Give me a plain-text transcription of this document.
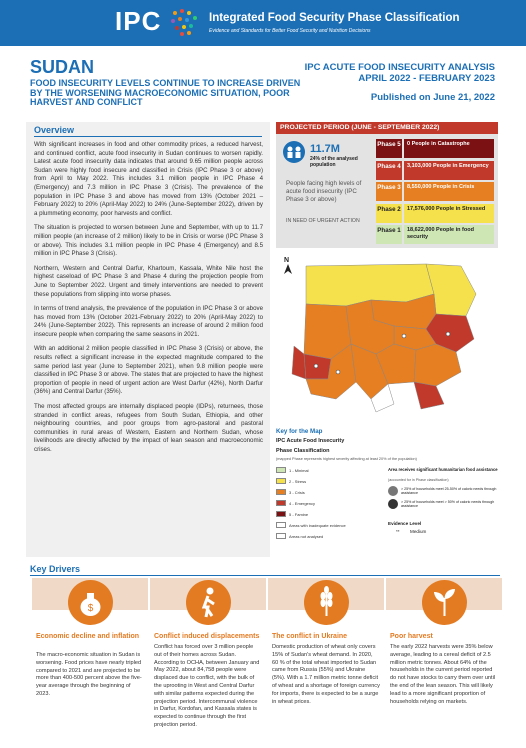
IPC	Integrated Food Security Phase Classification
Evidence and Standards for Better Food Security and Nutrition Decisions
SUDAN
FOOD INSECURITY LEVELS CONTINUE TO INCREASE DRIVEN BY THE WORSENING MACROECONOMIC SITUATION, POOR HARVEST AND CONFLICT
IPC ACUTE FOOD INSECURITY ANALYSIS
APRIL 2022 - FEBRUARY 2023
Published on June 21, 2022
Overview

With significant increases in food and other commodity prices, a reduced harvest, and continued conflict, acute food insecurity in Sudan continues to worsen rapidly. Latest acute food insecurity data indicates that around 9.65 million people across Sudan were highly food insecure and classified in Crisis (IPC Phase 3 or above) from April to May 2022. This includes 3.1 million people in IPC Phase 4 (Emergency) and 7.3 million in IPC Phase 3 (Crisis). The prevalence of the population in IPC Phase 3 and above has moved from 13% (October 2021 – February 2022) to 20% (April-May 2022) to 24% (June-September 2022), driven by a plummeting economy, poor harvests and conflict.

The situation is projected to worsen between June and September, with up to 11.7 million people (an increase of 2 million) likely to be in Crisis or worse (IPC Phase 3 or above). This includes 3.1 million people in IPC Phase 4 (Emergency) and 8.5 million in IPC Phase 3 (Crisis).

Northern, Western and Central Darfur, Khartoum, Kassala, White Nile host the highest caseload of IPC Phase 3 and Phase 4 during the projection people from June to September 2022. Urgent and timely interventions are needed to prevent these populations from slipping into worse phases.

In terms of trend analysis, the prevalence of the population in IPC Phase 3 or above has moved from 13% (October 2021-February 2022) to 20% (April-May 2022) to 24% (June-September 2022). This represents an increase of around 2 million food insecure people when comparing the same seasons in 2021.

With an additional 2 million people classified in IPC Phase 3 (Crisis) or above, the results reflect a significant increase in the expected magnitude compared to the same period last year (June to September 2021), when 9.8 million people were classified in IPC Phase 3 or above. The states that are projected to have the highest proportion of people in need of urgent action are West Darfur (42%), North Darfur (36%) and Central Darfur (35%).

The most affected groups are internally displaced people (IDPs), returnees, those stranded in conflict areas, refugees from South Sudan, Ethiopia, and other neighbouring countries, and poor groups from agro-pastoral and pastoral communities in rural areas of Western, Eastern and Northern Sudan, whose livelihoods are directly affected by the impact of lean season and macroeconomic crises.

PROJECTED PERIOD (JUNE - SEPTEMBER 2022)
11.7M
24% of the analysed population
People facing high levels of acute food insecurity (IPC Phase 3 or above)
IN NEED OF URGENT ACTION
Phase 5	0 People in Catastrophe
Phase 4	3,103,000 People in Emergency
Phase 3	8,550,000 People in Crisis
Phase 2	17,576,000 People in Stressed
Phase 1	18,622,000 People in food security
N
Key for the Map
IPC Acute Food Insecurity
Phase Classification
(mapped Phase represents highest severity affecting at least 20% of the population)
1 - Minimal
2 - Stress
3 - Crisis
4 - Emergency
5 - Famine
Areas with inadequate evidence
Areas not analysed
Area receives significant humanitarian food assistance
(accounted for in Phase classification)
> 25% of households meet 25-50% of caloric needs through assistance
> 25% of households meet > 50% of caloric needs through assistance
Evidence Level
** Medium
Key Drivers
$
Economic decline and inflation
The macro-economic situation in Sudan is worsening. Food prices have nearly tripled compared to 2021 and are projected to be more than 400-500 percent above the five-year average through the beginning of 2023.
Conflict induced displacements
Conflict has forced over 3 million people out of their homes across Sudan. According to OCHA, between January and May 2022, about 84,758 people were displaced due to conflict, with the bulk of the uprooting in West and Central Darfur with similar patterns expected during the projection period. Intercommunal violence in Darfur, Kordofan, and Kassala states is expected to continue through the first projection period.
The conflict in Ukraine
Domestic production of wheat only covers 15% of Sudan's wheat demand. In 2020, 60 % of the total wheat imported to Sudan came from Russia (55%) and Ukraine (5%). With a 1.7 million metric tonne deficit of wheat and a shortage of foreign currency for imports, there is expected to be a surge in wheat prices.
Poor harvest
The early 2022 harvests were 35% below average, leading to a cereal deficit of 2.5 million metric tonnes. About 64% of the households in the current period reported do not have stocks to carry them over until the end of the lean season. This will likely lead to a more significant proportion of households relying on markets.
